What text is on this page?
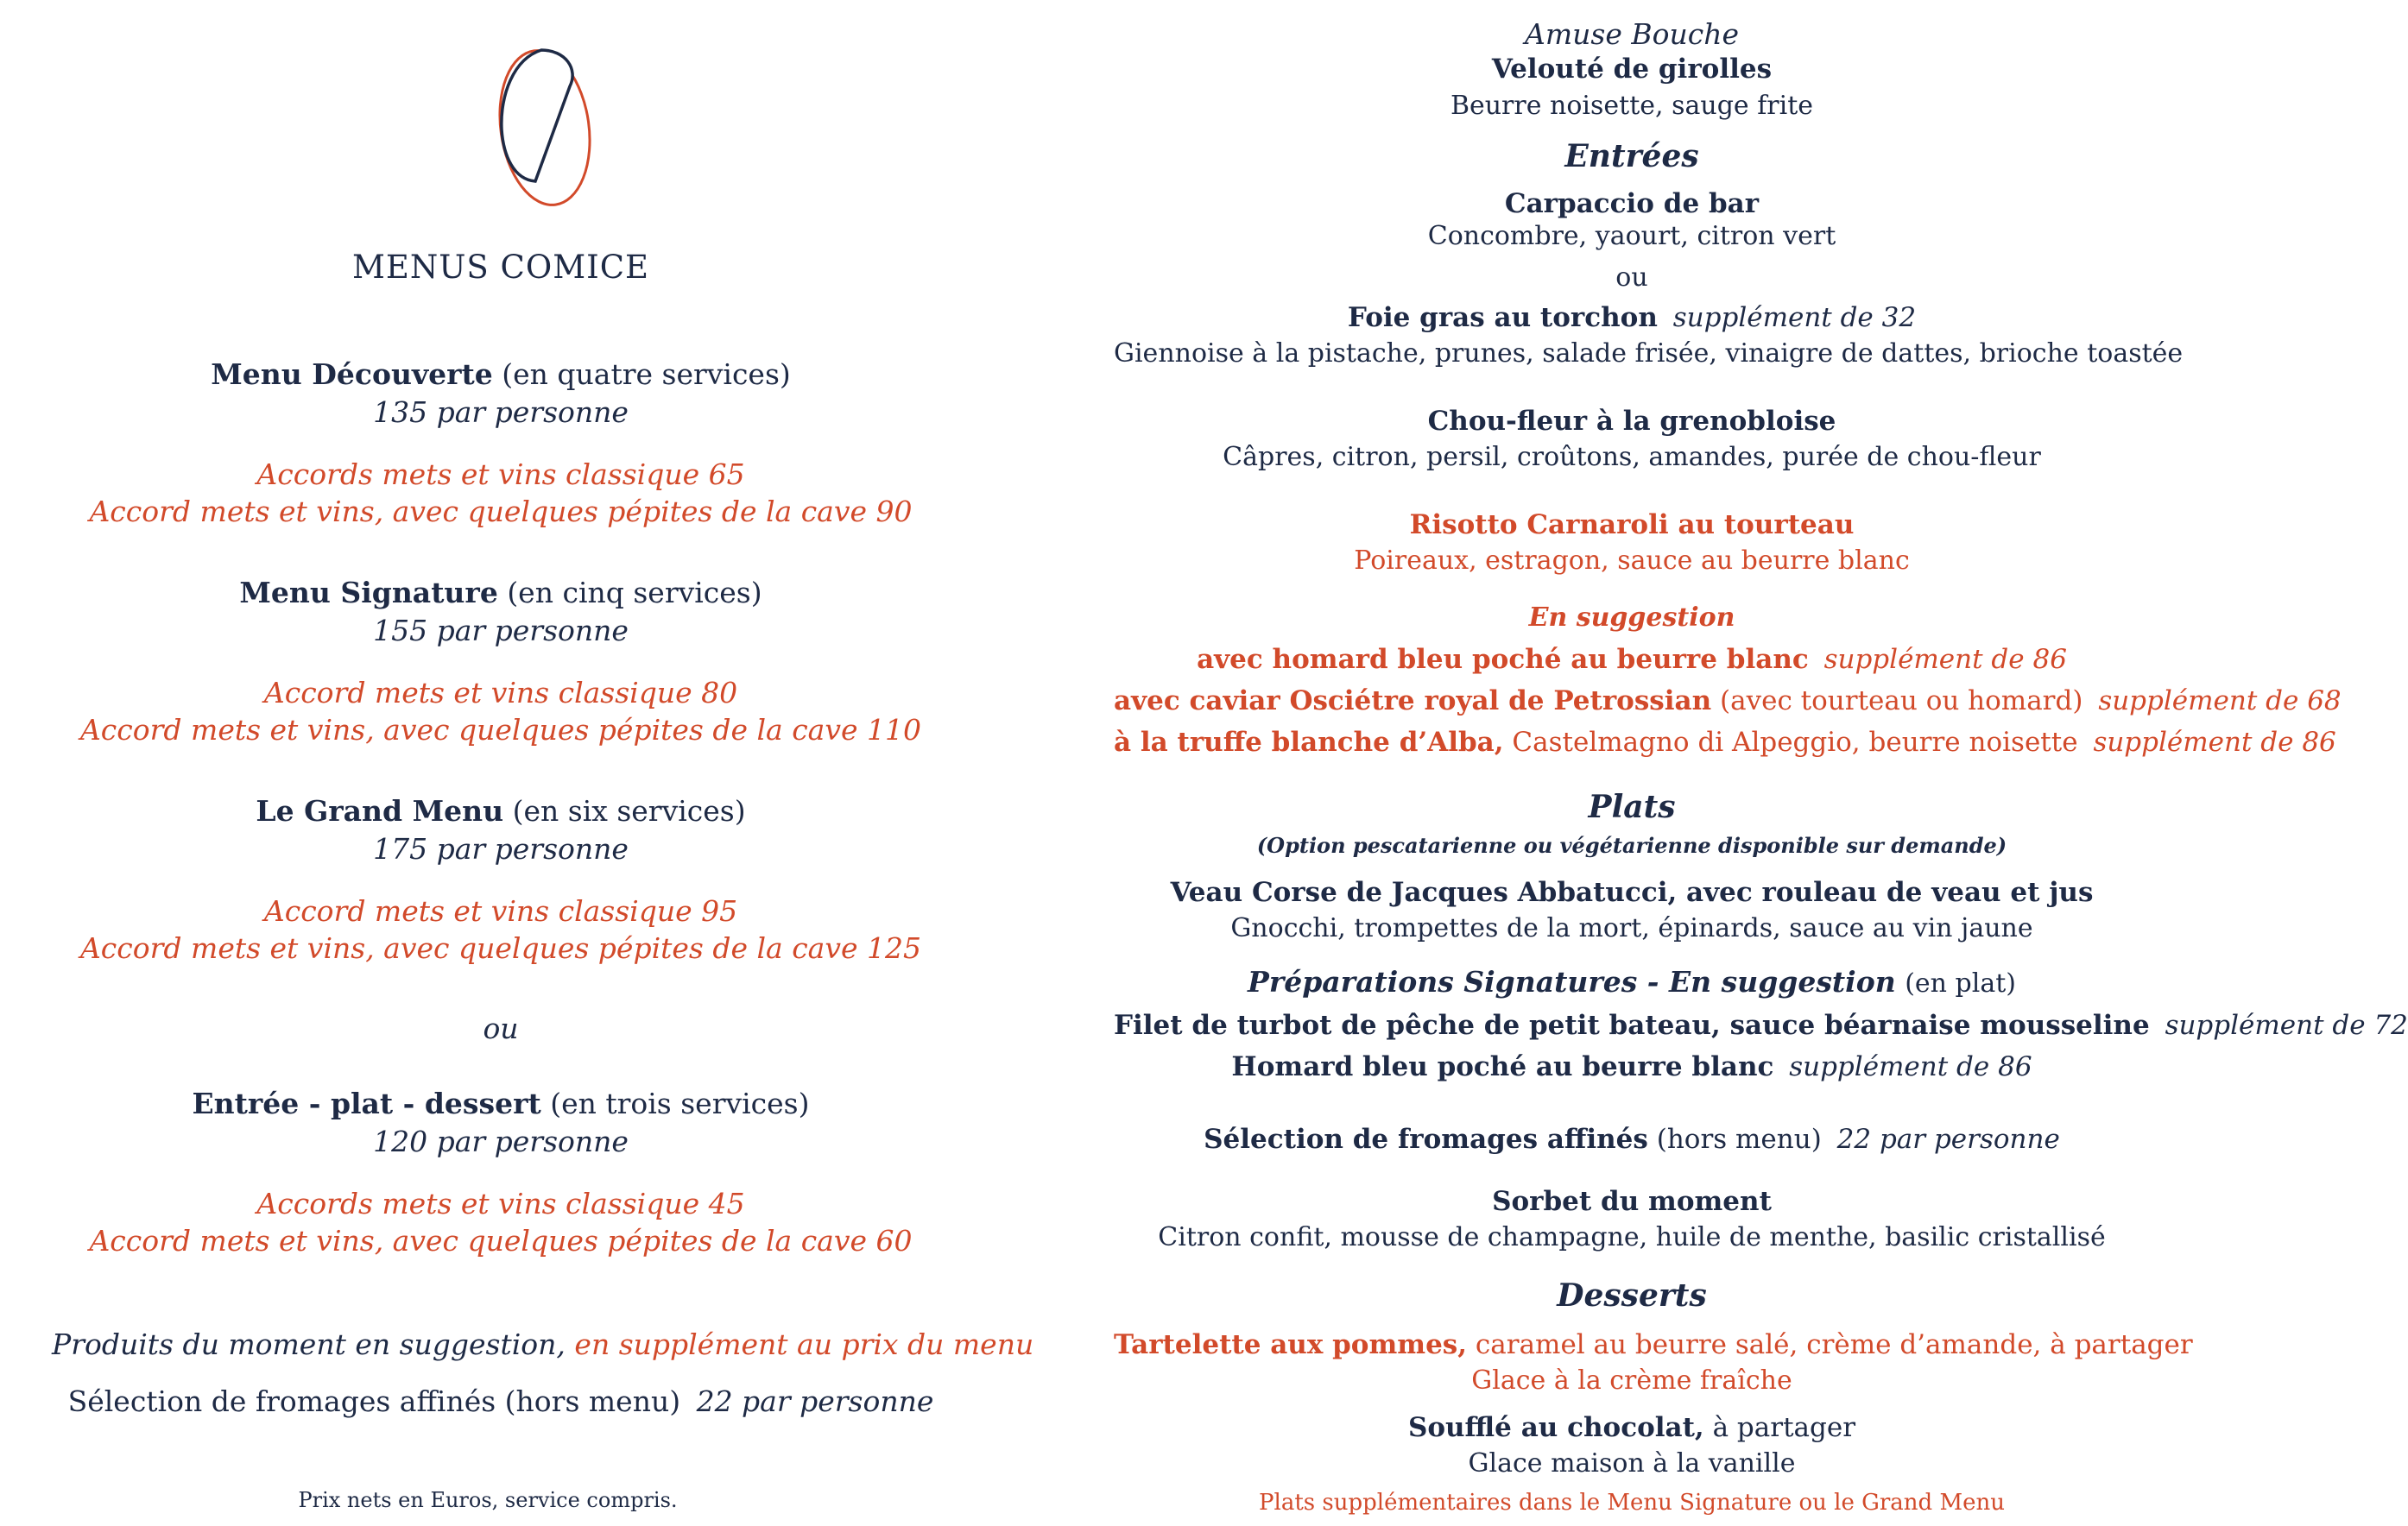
MENUS COMICE
Menu Découverte (en quatre services)
135 par personne
Accords mets et vins classique 65
Accord mets et vins, avec quelques pépites de la cave 90
Menu Signature (en cinq services)
155 par personne
Accord mets et vins classique 80
Accord mets et vins, avec quelques pépites de la cave 110
Le Grand Menu (en six services)
175 par personne
Accord mets et vins classique 95
Accord mets et vins, avec quelques pépites de la cave 125
ou
Entrée - plat - dessert (en trois services)
120 par personne
Accords mets et vins classique 45
Accord mets et vins, avec quelques pépites de la cave 60
Produits du moment en suggestion, en supplément au prix du menu
Sélection de fromages affinés (hors menu) 22 par personne
Prix nets en Euros, service compris.
Amuse Bouche
Velouté de girolles
Beurre noisette, sauge frite
Entrées
Carpaccio de bar
Concombre, yaourt, citron vert
ou
Foie gras au torchon supplément de 32
Giennoise à la pistache, prunes, salade frisée, vinaigre de dattes, brioche toastée
Chou-fleur à la grenobloise
Câpres, citron, persil, croûtons, amandes, purée de chou-fleur
Risotto Carnaroli au tourteau
Poireaux, estragon, sauce au beurre blanc
En suggestion
avec homard bleu poché au beurre blanc supplément de 86
avec caviar Osciétre royal de Petrossian (avec tourteau ou homard) supplément de 68
à la truffe blanche d’Alba, Castelmagno di Alpeggio, beurre noisette supplément de 86
Plats
(Option pescatarienne ou végétarienne disponible sur demande)
Veau Corse de Jacques Abbatucci, avec rouleau de veau et jus
Gnocchi, trompettes de la mort, épinards, sauce au vin jaune
Préparations Signatures - En suggestion (en plat)
Filet de turbot de pêche de petit bateau, sauce béarnaise mousseline supplément de 72
Homard bleu poché au beurre blanc supplément de 86
Sélection de fromages affinés (hors menu) 22 par personne
Sorbet du moment
Citron confit, mousse de champagne, huile de menthe, basilic cristallisé
Desserts
Tartelette aux pommes, caramel au beurre salé, crème d’amande, à partager
Glace à la crème fraîche
Soufflé au chocolat, à partager
Glace maison à la vanille
Plats supplémentaires dans le Menu Signature ou le Grand Menu
